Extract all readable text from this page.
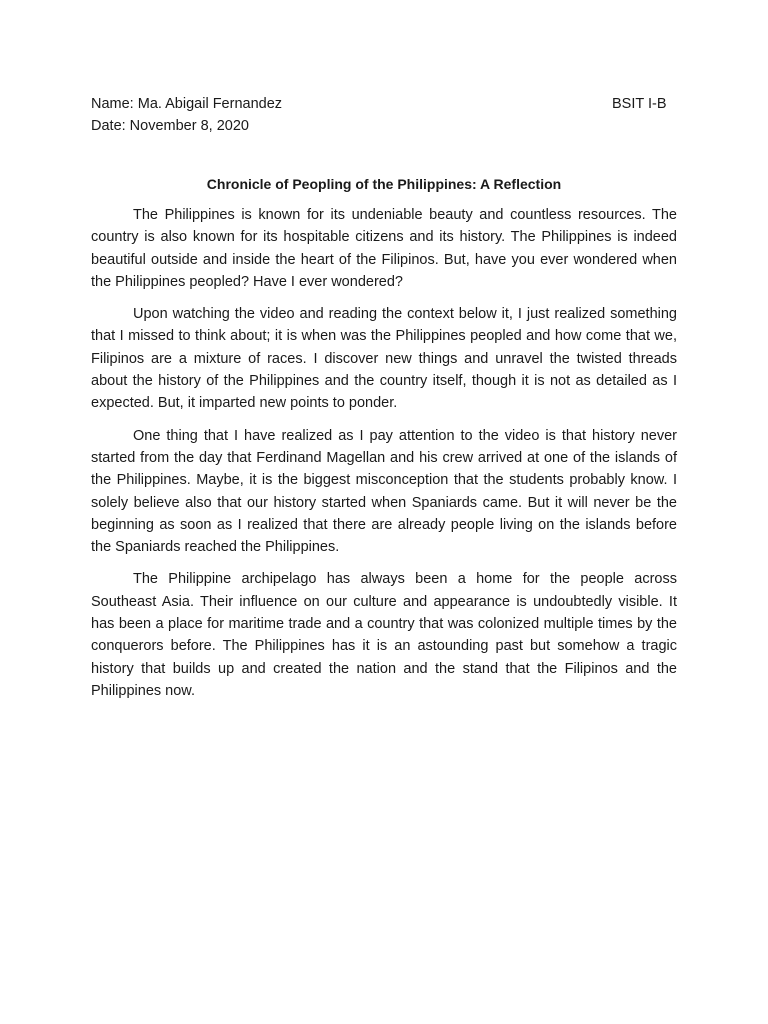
Name: Ma. Abigail Fernandez	BSIT I-B
Date: November 8, 2020
Chronicle of Peopling of the Philippines: A Reflection

The Philippines is known for its undeniable beauty and countless resources. The country is also known for its hospitable citizens and its history. The Philippines is indeed beautiful outside and inside the heart of the Filipinos. But, have you ever wondered when the Philippines peopled? Have I ever wondered?

Upon watching the video and reading the context below it, I just realized something that I missed to think about; it is when was the Philippines peopled and how come that we, Filipinos are a mixture of races. I discover new things and unravel the twisted threads about the history of the Philippines and the country itself, though it is not as detailed as I expected. But, it imparted new points to ponder.

One thing that I have realized as I pay attention to the video is that history never started from the day that Ferdinand Magellan and his crew arrived at one of the islands of the Philippines. Maybe, it is the biggest misconception that the students probably know. I solely believe also that our history started when Spaniards came. But it will never be the beginning as soon as I realized that there are already people living on the islands before the Spaniards reached the Philippines.

The Philippine archipelago has always been a home for the people across Southeast Asia. Their influence on our culture and appearance is undoubtedly visible. It has been a place for maritime trade and a country that was colonized multiple times by the conquerors before. The Philippines has it is an astounding past but somehow a tragic history that builds up and created the nation and the stand that the Filipinos and the Philippines now.
